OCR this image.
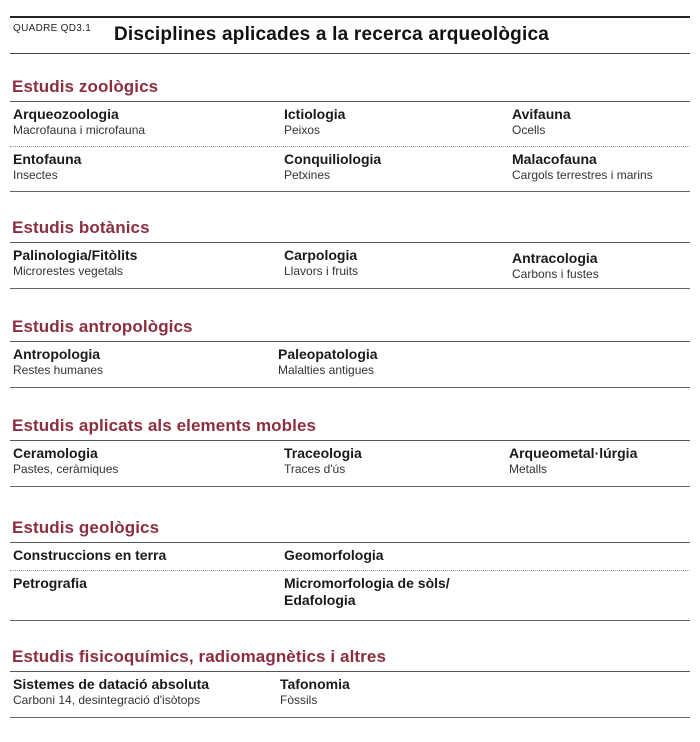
QUADRE QD3.1 Disciplines aplicades a la recerca arqueològica
Estudis zoològics
Arqueozoologia
Macrofauna i microfauna
Ictiologia
Peixos
Avifauna
Ocells
Entofauna
Insectes
Conquiliologia
Petxines
Malacofauna
Cargols terrestres i marins
Estudis botànics
Palinologia/Fitòlits
Microrestes vegetals
Carpologia
Llavors i fruits
Antracologia
Carbons i fustes
Estudis antropològics
Antropologia
Restes humanes
Paleopatologia
Malalties antigues
Estudis aplicats als elements mobles
Ceramologia
Pastes, ceràmiques
Traceologia
Traces d'ús
Arqueometal·lúrgia
Metalls
Estudis geològics
Construccions en terra	Geomorfologia
Petrografia	Micromorfologia de sòls/
Edafologia
Estudis fisicoquímics, radiomagnètics i altres
Sistemes de datació absoluta
Carboni 14, desintegració d'isòtops
Tafonomia
Fòssils
